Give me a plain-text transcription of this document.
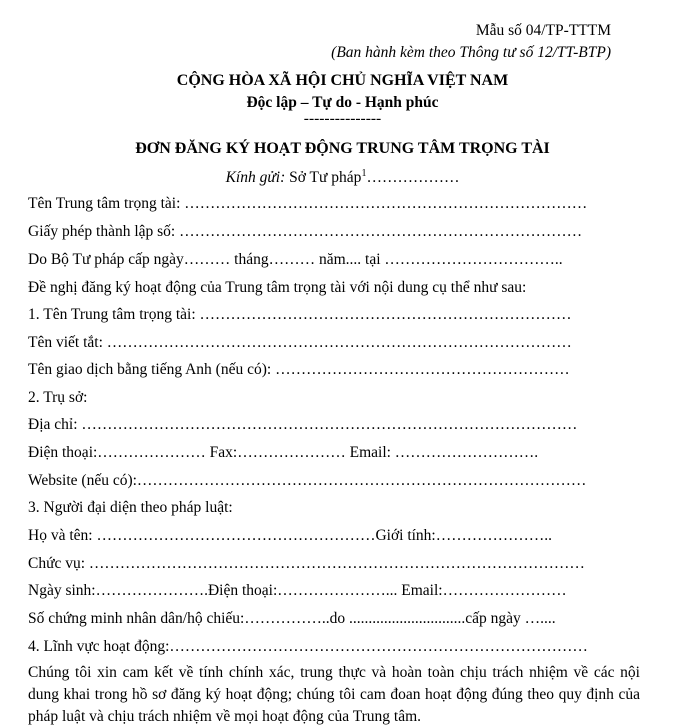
Mẫu số 04/TP-TTTM
(Ban hành kèm theo Thông tư số 12/TT-BTP)
CỘNG HÒA XÃ HỘI CHỦ NGHĨA VIỆT NAM
Độc lập – Tự do - Hạnh phúc
---------------
ĐƠN ĐĂNG KÝ HOẠT ĐỘNG TRUNG TÂM TRỌNG TÀI
Kính gửi: Sở Tư pháp$^1$………………
Tên Trung tâm trọng tài: ……………………………………………………………………
Giấy phép thành lập số: ……………………………………………………………………
Do Bộ Tư pháp cấp ngày……… tháng……… năm.... tại ……………………………..
Đề nghị đăng ký hoạt động của Trung tâm trọng tài với nội dung cụ thể như sau:
1. Tên Trung tâm trọng tài: ………………………………………………………………
Tên viết tắt: ………………………………………………………………………………
Tên giao dịch bằng tiếng Anh (nếu có): …………………………………………………
2. Trụ sở:
Địa chỉ: ……………………………………………………………………………………
Điện thoại:………………… Fax:………………… Email: ……………………….
Website (nếu có):……………………………………………………………………………
3. Người đại diện theo pháp luật:
Họ và tên: ………………………………………………Giới tính:…………………..
Chức vụ: ……………………………………………………………………………………
Ngày sinh:………………….Điện thoại:…………………... Email:……………………
Số chứng minh nhân dân/hộ chiếu:……………..do ..............................cấp ngày …....
4. Lĩnh vực hoạt động:………………………………………………………………………
Chúng tôi xin cam kết về tính chính xác, trung thực và hoàn toàn chịu trách nhiệm về các nội dung khai trong hồ sơ đăng ký hoạt động; chúng tôi cam đoan hoạt động đúng theo quy định của pháp luật và chịu trách nhiệm về mọi hoạt động của Trung tâm.
